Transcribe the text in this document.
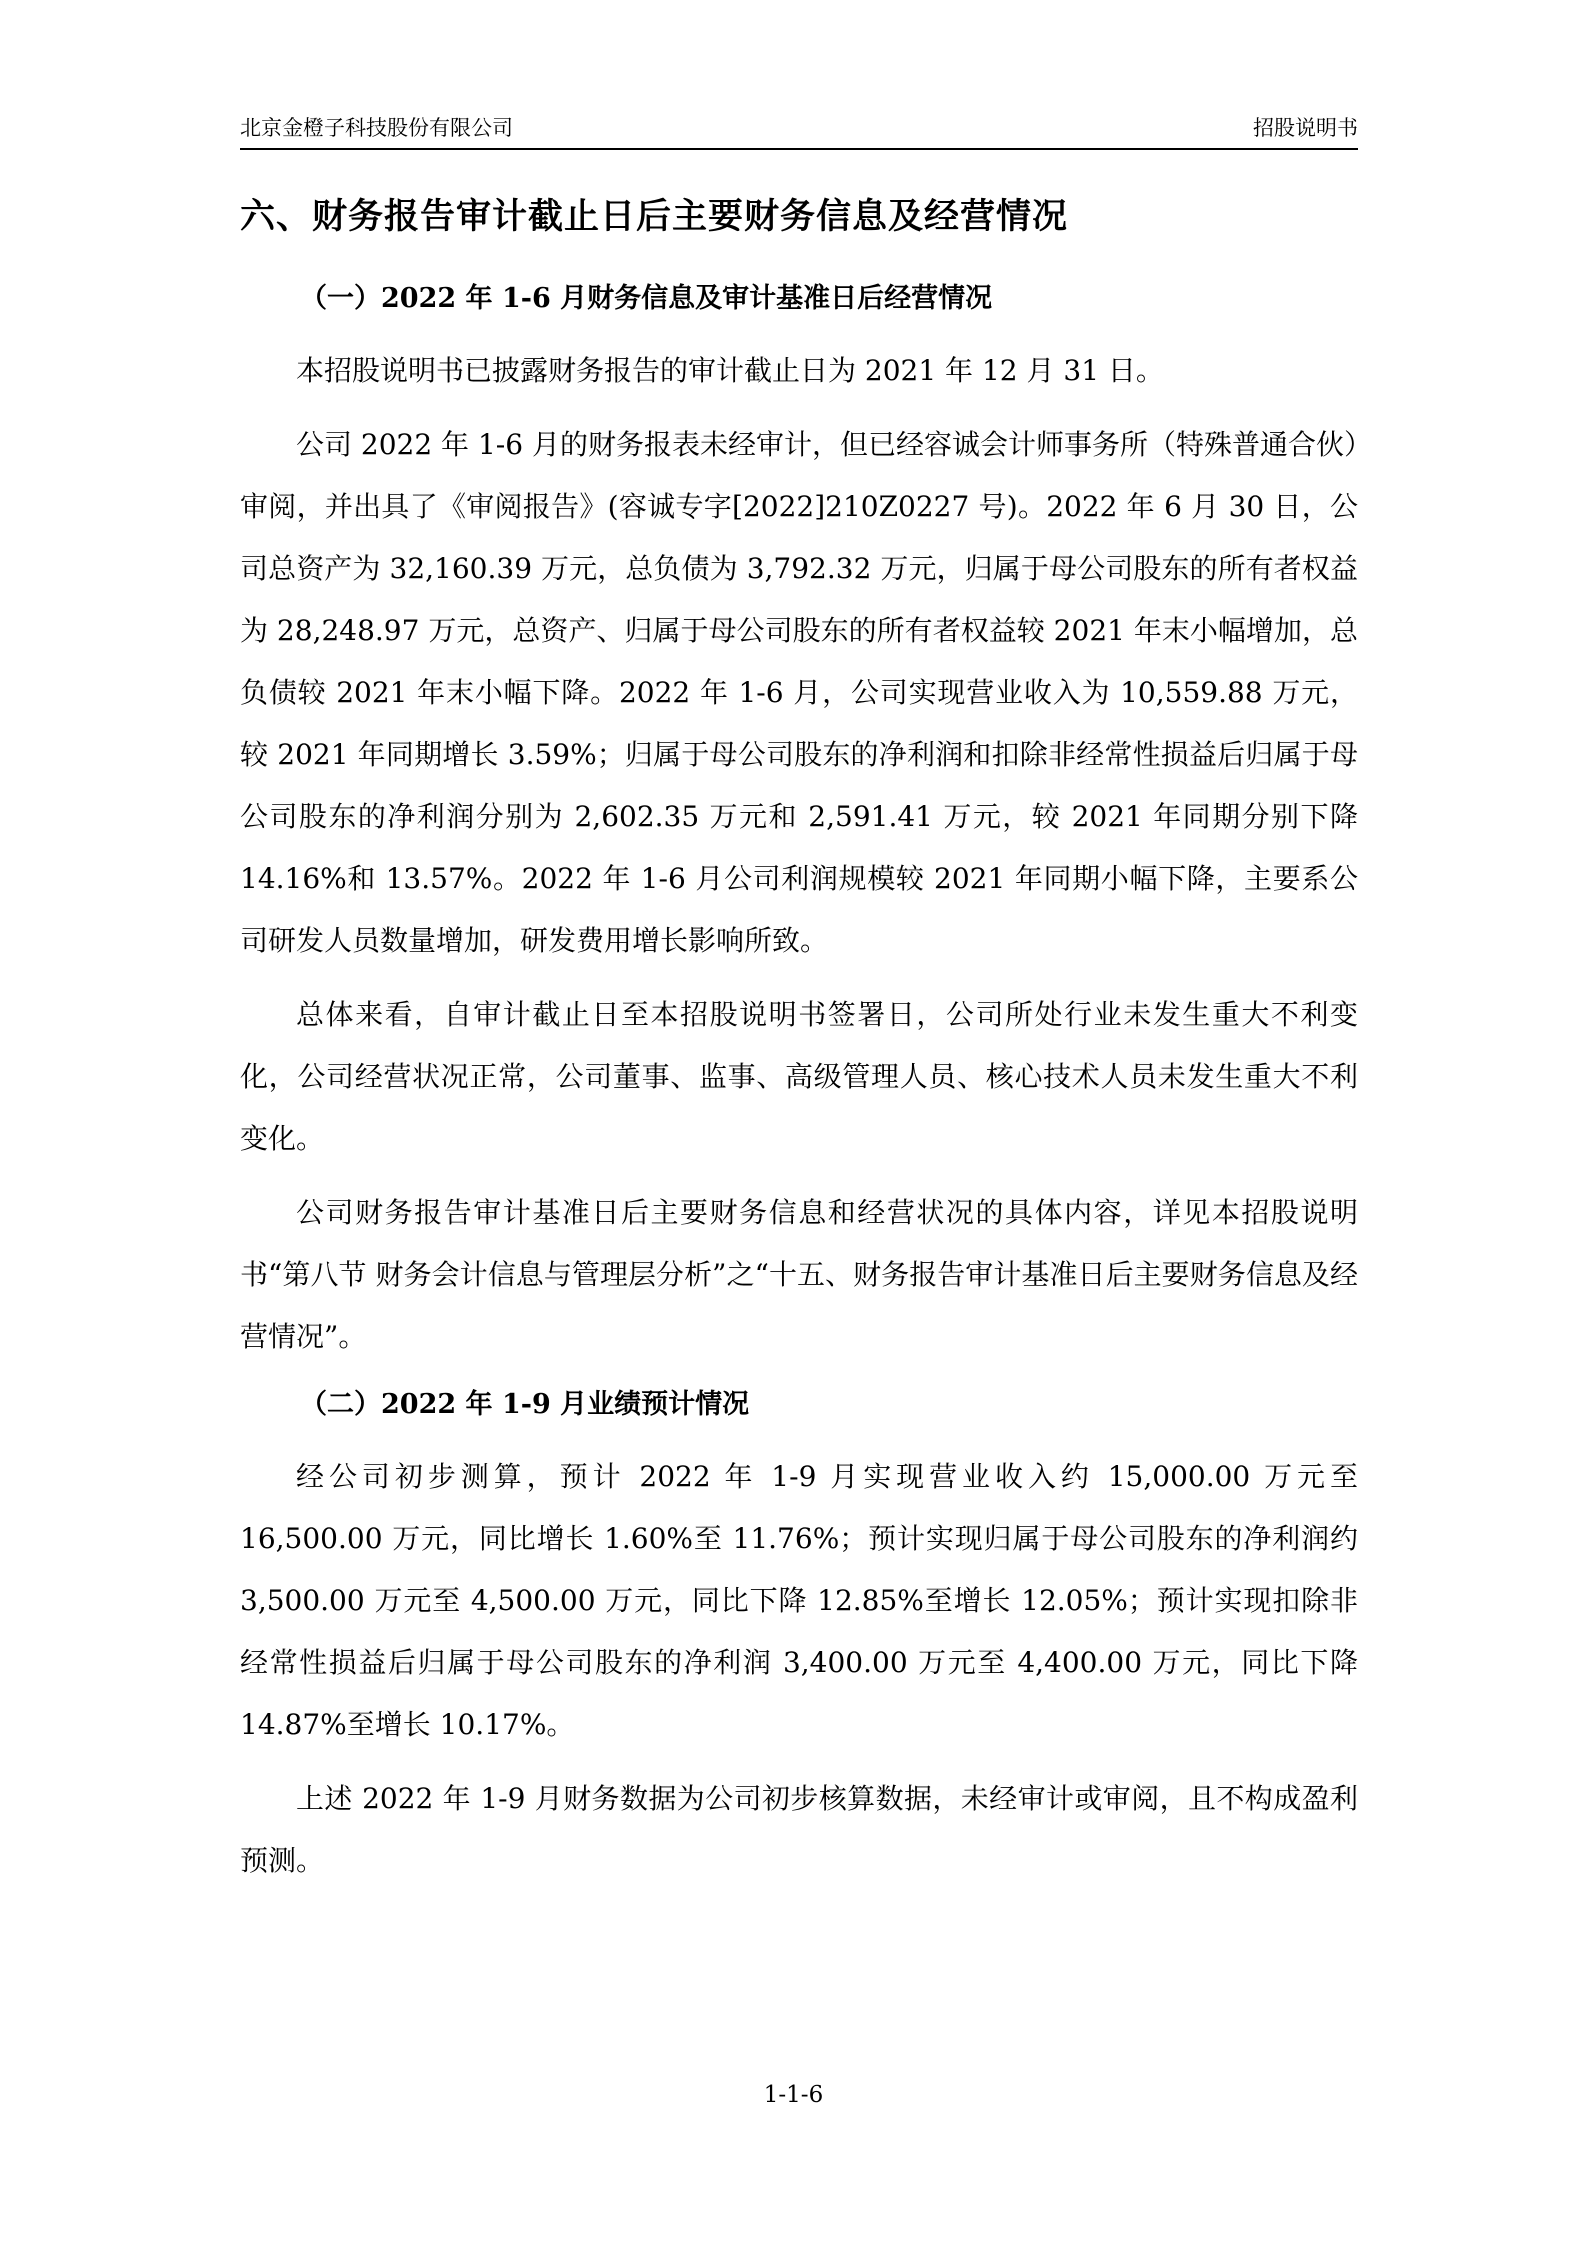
北京金橙子科技股份有限公司	招股说明书
六、财务报告审计截止日后主要财务信息及经营情况
（一）2022 年 1-6 月财务信息及审计基准日后经营情况

本招股说明书已披露财务报告的审计截止日为 2021 年 12 月 31 日。

公司 2022 年 1-6 月的财务报表未经审计，但已经容诚会计师事务所（特殊普通合伙）审阅，并出具了《审阅报告》(容诚专字[2022]210Z0227 号)。2022 年 6 月 30 日，公司总资产为 32,160.39 万元，总负债为 3,792.32 万元，归属于母公司股东的所有者权益为 28,248.97 万元，总资产、归属于母公司股东的所有者权益较 2021 年末小幅增加，总负债较 2021 年末小幅下降。2022 年 1-6 月，公司实现营业收入为 10,559.88 万元，较 2021 年同期增长 3.59%；归属于母公司股东的净利润和扣除非经常性损益后归属于母公司股东的净利润分别为 2,602.35 万元和 2,591.41 万元，较 2021 年同期分别下降 14.16%和 13.57%。2022 年 1-6 月公司利润规模较 2021 年同期小幅下降，主要系公司研发人员数量增加，研发费用增长影响所致。

总体来看，自审计截止日至本招股说明书签署日，公司所处行业未发生重大不利变化，公司经营状况正常，公司董事、监事、高级管理人员、核心技术人员未发生重大不利变化。

公司财务报告审计基准日后主要财务信息和经营状况的具体内容，详见本招股说明书“第八节 财务会计信息与管理层分析”之“十五、财务报告审计基准日后主要财务信息及经营情况”。

（二）2022 年 1-9 月业绩预计情况

经公司初步测算，预计 2022 年 1-9 月实现营业收入约 15,000.00 万元至 16,500.00 万元，同比增长 1.60%至 11.76%；预计实现归属于母公司股东的净利润约 3,500.00 万元至 4,500.00 万元，同比下降 12.85%至增长 12.05%；预计实现扣除非经常性损益后归属于母公司股东的净利润 3,400.00 万元至 4,400.00 万元，同比下降 14.87%至增长 10.17%。

上述 2022 年 1-9 月财务数据为公司初步核算数据，未经审计或审阅，且不构成盈利预测。

1-1-6
